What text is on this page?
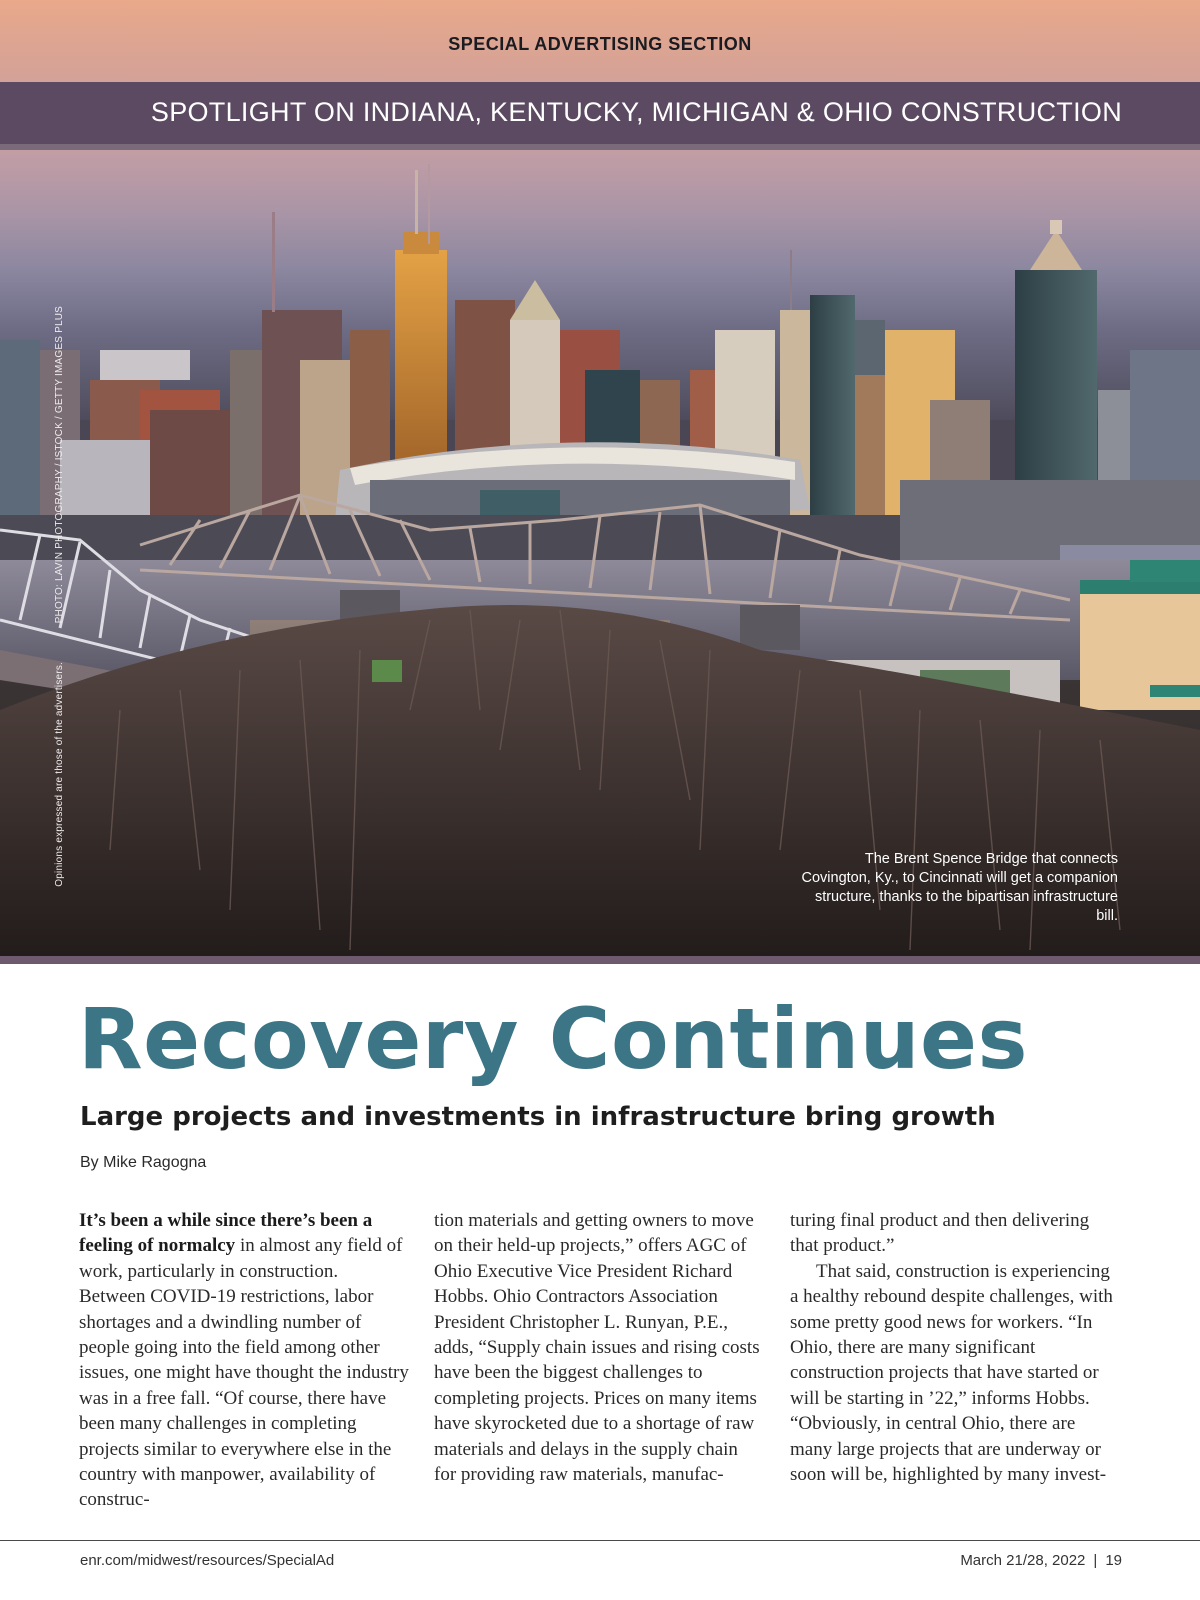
SPECIAL ADVERTISING SECTION
SPOTLIGHT ON INDIANA, KENTUCKY, MICHIGAN & OHIO CONSTRUCTION
PHOTO: LAVIN PHOTOGRAPHY / ISTOCK / GETTY IMAGES PLUS
Opinions expressed are those of the advertisers.	The Brent Spence Bridge that connects Covington, Ky., to Cincinnati will get a companion structure, thanks to the bipartisan infrastructure bill.
Recovery Continues
Large projects and investments in infrastructure bring growth
By Mike Ragogna
It’s been a while since there’s been a feeling of normalcy in almost any field of work, particularly in construction. Between COVID-19 restrictions, labor shortages and a dwindling number of people going into the field among other issues, one might have thought the industry was in a free fall. “Of course, there have been many challenges in completing projects similar to everywhere else in the country with manpower, availability of construc-
tion materials and getting owners to move on their held-up projects,” offers AGC of Ohio Executive Vice President Richard Hobbs. Ohio Contractors Association President Christopher L. Runyan, P.E., adds, “Supply chain issues and rising costs have been the biggest challenges to completing projects. Prices on many items have skyrocketed due to a shortage of raw materials and delays in the supply chain for providing raw materials, manufac-
turing final product and then delivering that product.”
That said, construction is experiencing a healthy rebound despite challenges, with some pretty good news for workers. “In Ohio, there are many significant construction projects that have started or will be starting in ’22,” informs Hobbs. “Obviously, in central Ohio, there are many large projects that are underway or soon will be, highlighted by many invest-
enr.com/midwest/resources/SpecialAd	March 21/28, 2022 | 19
